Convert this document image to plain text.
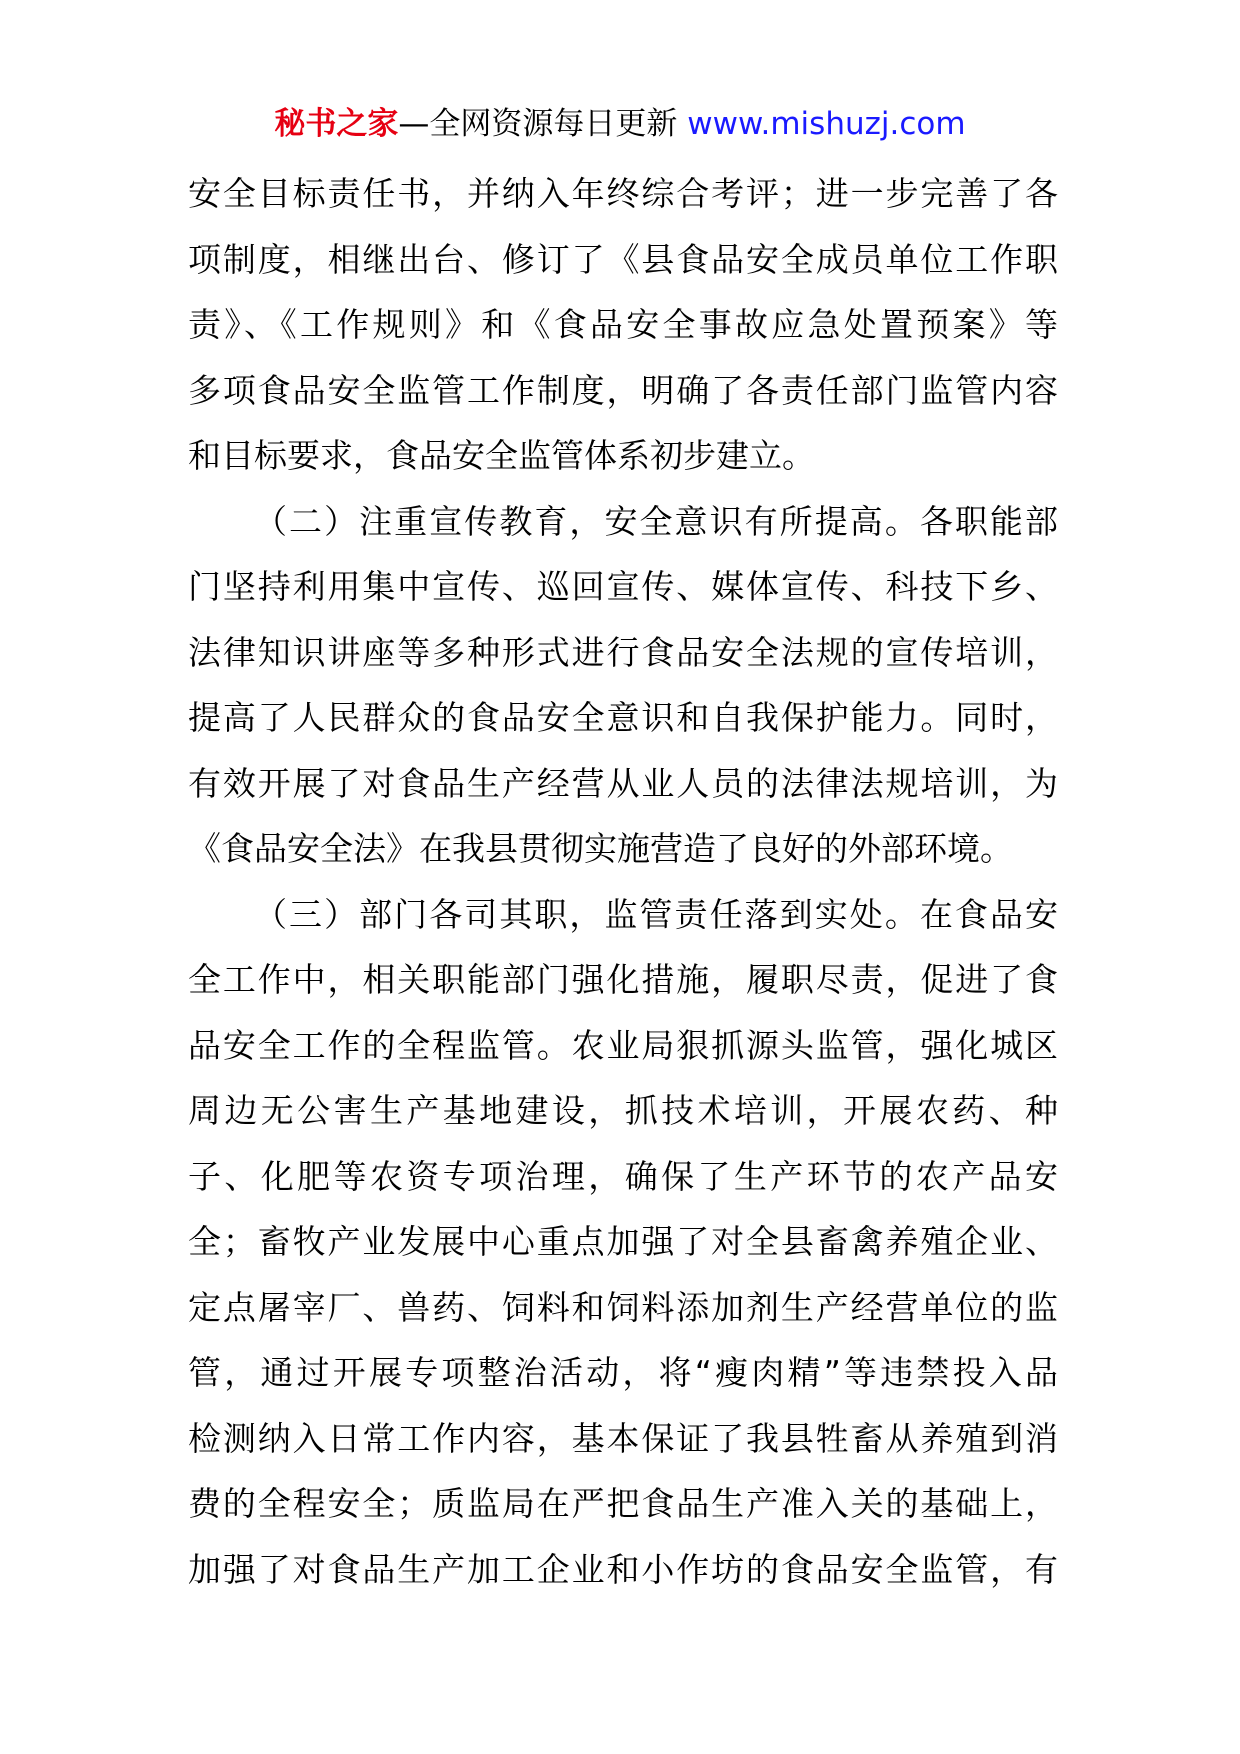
秘书之家—全网资源每日更新 www.mishuzj.com
安全目标责任书，并纳入年终综合考评；进一步完善了各
项制度，相继出台、修订了《县食品安全成员单位工作职
责》、《工作规则》和《食品安全事故应急处置预案》等
多项食品安全监管工作制度，明确了各责任部门监管内容
和目标要求，食品安全监管体系初步建立。
（二）注重宣传教育，安全意识有所提高。各职能部
门坚持利用集中宣传、巡回宣传、媒体宣传、科技下乡、
法律知识讲座等多种形式进行食品安全法规的宣传培训，
提高了人民群众的食品安全意识和自我保护能力。同时，
有效开展了对食品生产经营从业人员的法律法规培训，为
《食品安全法》在我县贯彻实施营造了良好的外部环境。
（三）部门各司其职，监管责任落到实处。在食品安
全工作中，相关职能部门强化措施，履职尽责，促进了食
品安全工作的全程监管。农业局狠抓源头监管，强化城区
周边无公害生产基地建设，抓技术培训，开展农药、种
子、化肥等农资专项治理，确保了生产环节的农产品安
全；畜牧产业发展中心重点加强了对全县畜禽养殖企业、
定点屠宰厂、兽药、饲料和饲料添加剂生产经营单位的监
管，通过开展专项整治活动，将“瘦肉精”等违禁投入品
检测纳入日常工作内容，基本保证了我县牲畜从养殖到消
费的全程安全；质监局在严把食品生产准入关的基础上，
加强了对食品生产加工企业和小作坊的食品安全监管，有
